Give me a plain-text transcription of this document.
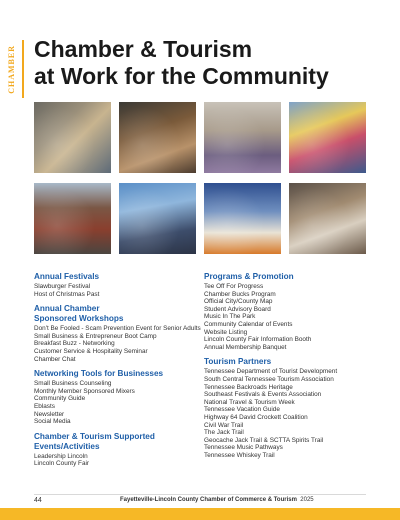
CHAMBER Chamber & Tourism
at Work for the Community
Annual Festivals
Slawburger Festival
Host of Christmas Past
Annual Chamber
Sponsored Workshops
Don't Be Fooled - Scam Prevention Event for Senior Adults
Small Business & Entrepreneur Boot Camp
Breakfast Buzz - Networking
Customer Service & Hospitality Seminar
Chamber Chat
Networking Tools for Businesses
Small Business Counseling
Monthly Member Sponsored Mixers
Community Guide
Eblasts
Newsletter
Social Media
Chamber & Tourism Supported
Events/Activities
Leadership Lincoln
Lincoln County Fair
Programs & Promotion
Tee Off For Progress
Chamber Bucks Program
Official City/County Map
Student Advisory Board
Music In The Park
Community Calendar of Events
Website Listing
Lincoln County Fair Information Booth
Annual Membership Banquet
Tourism Partners
Tennessee Department of Tourist Development
South Central Tennessee Tourism Association
Tennessee Backroads Heritage
Southeast Festivals & Events Association
National Travel & Tourism Week
Tennessee Vacation Guide
Highway 64 David Crockett Coalition
Civil War Trail
The Jack Trail
Geocache Jack Trail & SCTTA Spirits Trail
Tennessee Music Pathways
Tennessee Whiskey Trail
44	Fayetteville-Lincoln County Chamber of Commerce & Tourism 2025
